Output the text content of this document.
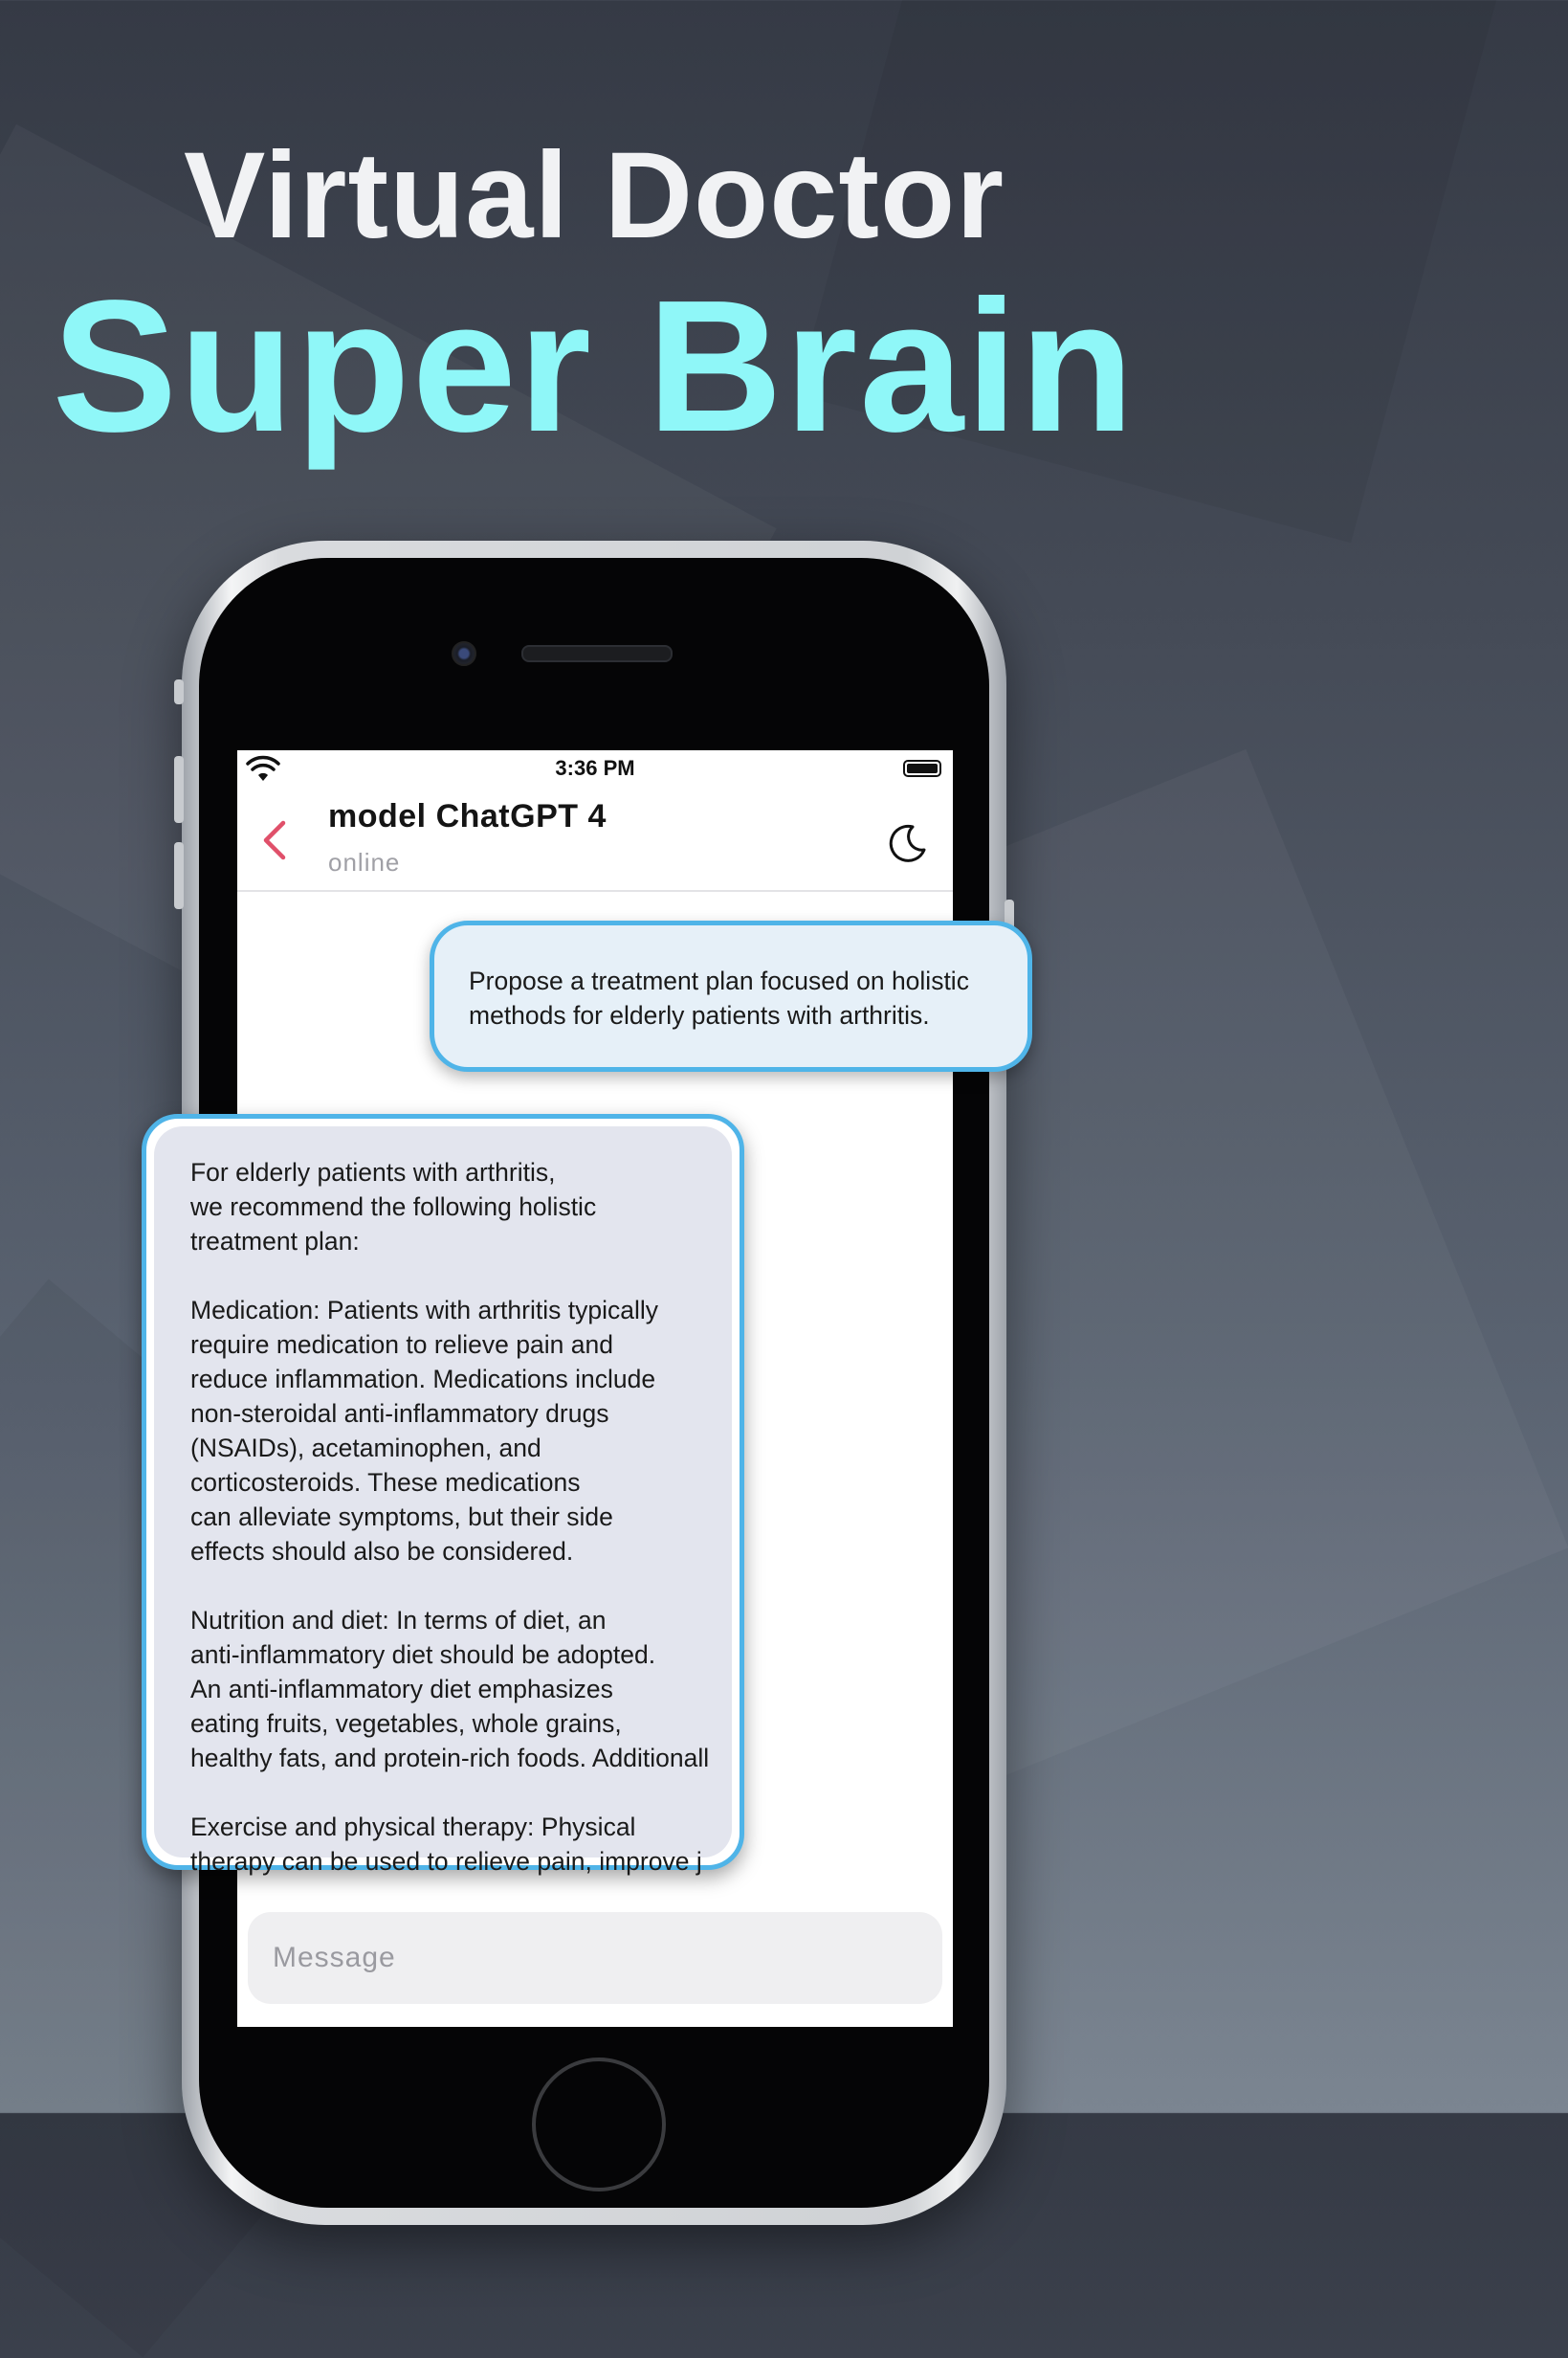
Virtual Doctor
Super Brain
3:36 PM
model ChatGPT 4
online
Propose a treatment plan focused on holistic
methods for elderly patients with arthritis.
For elderly patients with arthritis,
we recommend the following holistic
treatment plan:

Medication: Patients with arthritis typically
require medication to relieve pain and
reduce inflammation. Medications include
non-steroidal anti-inflammatory drugs
(NSAIDs), acetaminophen, and
corticosteroids. These medications
can alleviate symptoms, but their side
effects should also be considered.

Nutrition and diet: In terms of diet, an
anti-inflammatory diet should be adopted.
An anti-inflammatory diet emphasizes
eating fruits, vegetables, whole grains,
healthy fats, and protein-rich foods. Additionall

Exercise and physical therapy: Physical
therapy can be used to relieve pain, improve j
Message
